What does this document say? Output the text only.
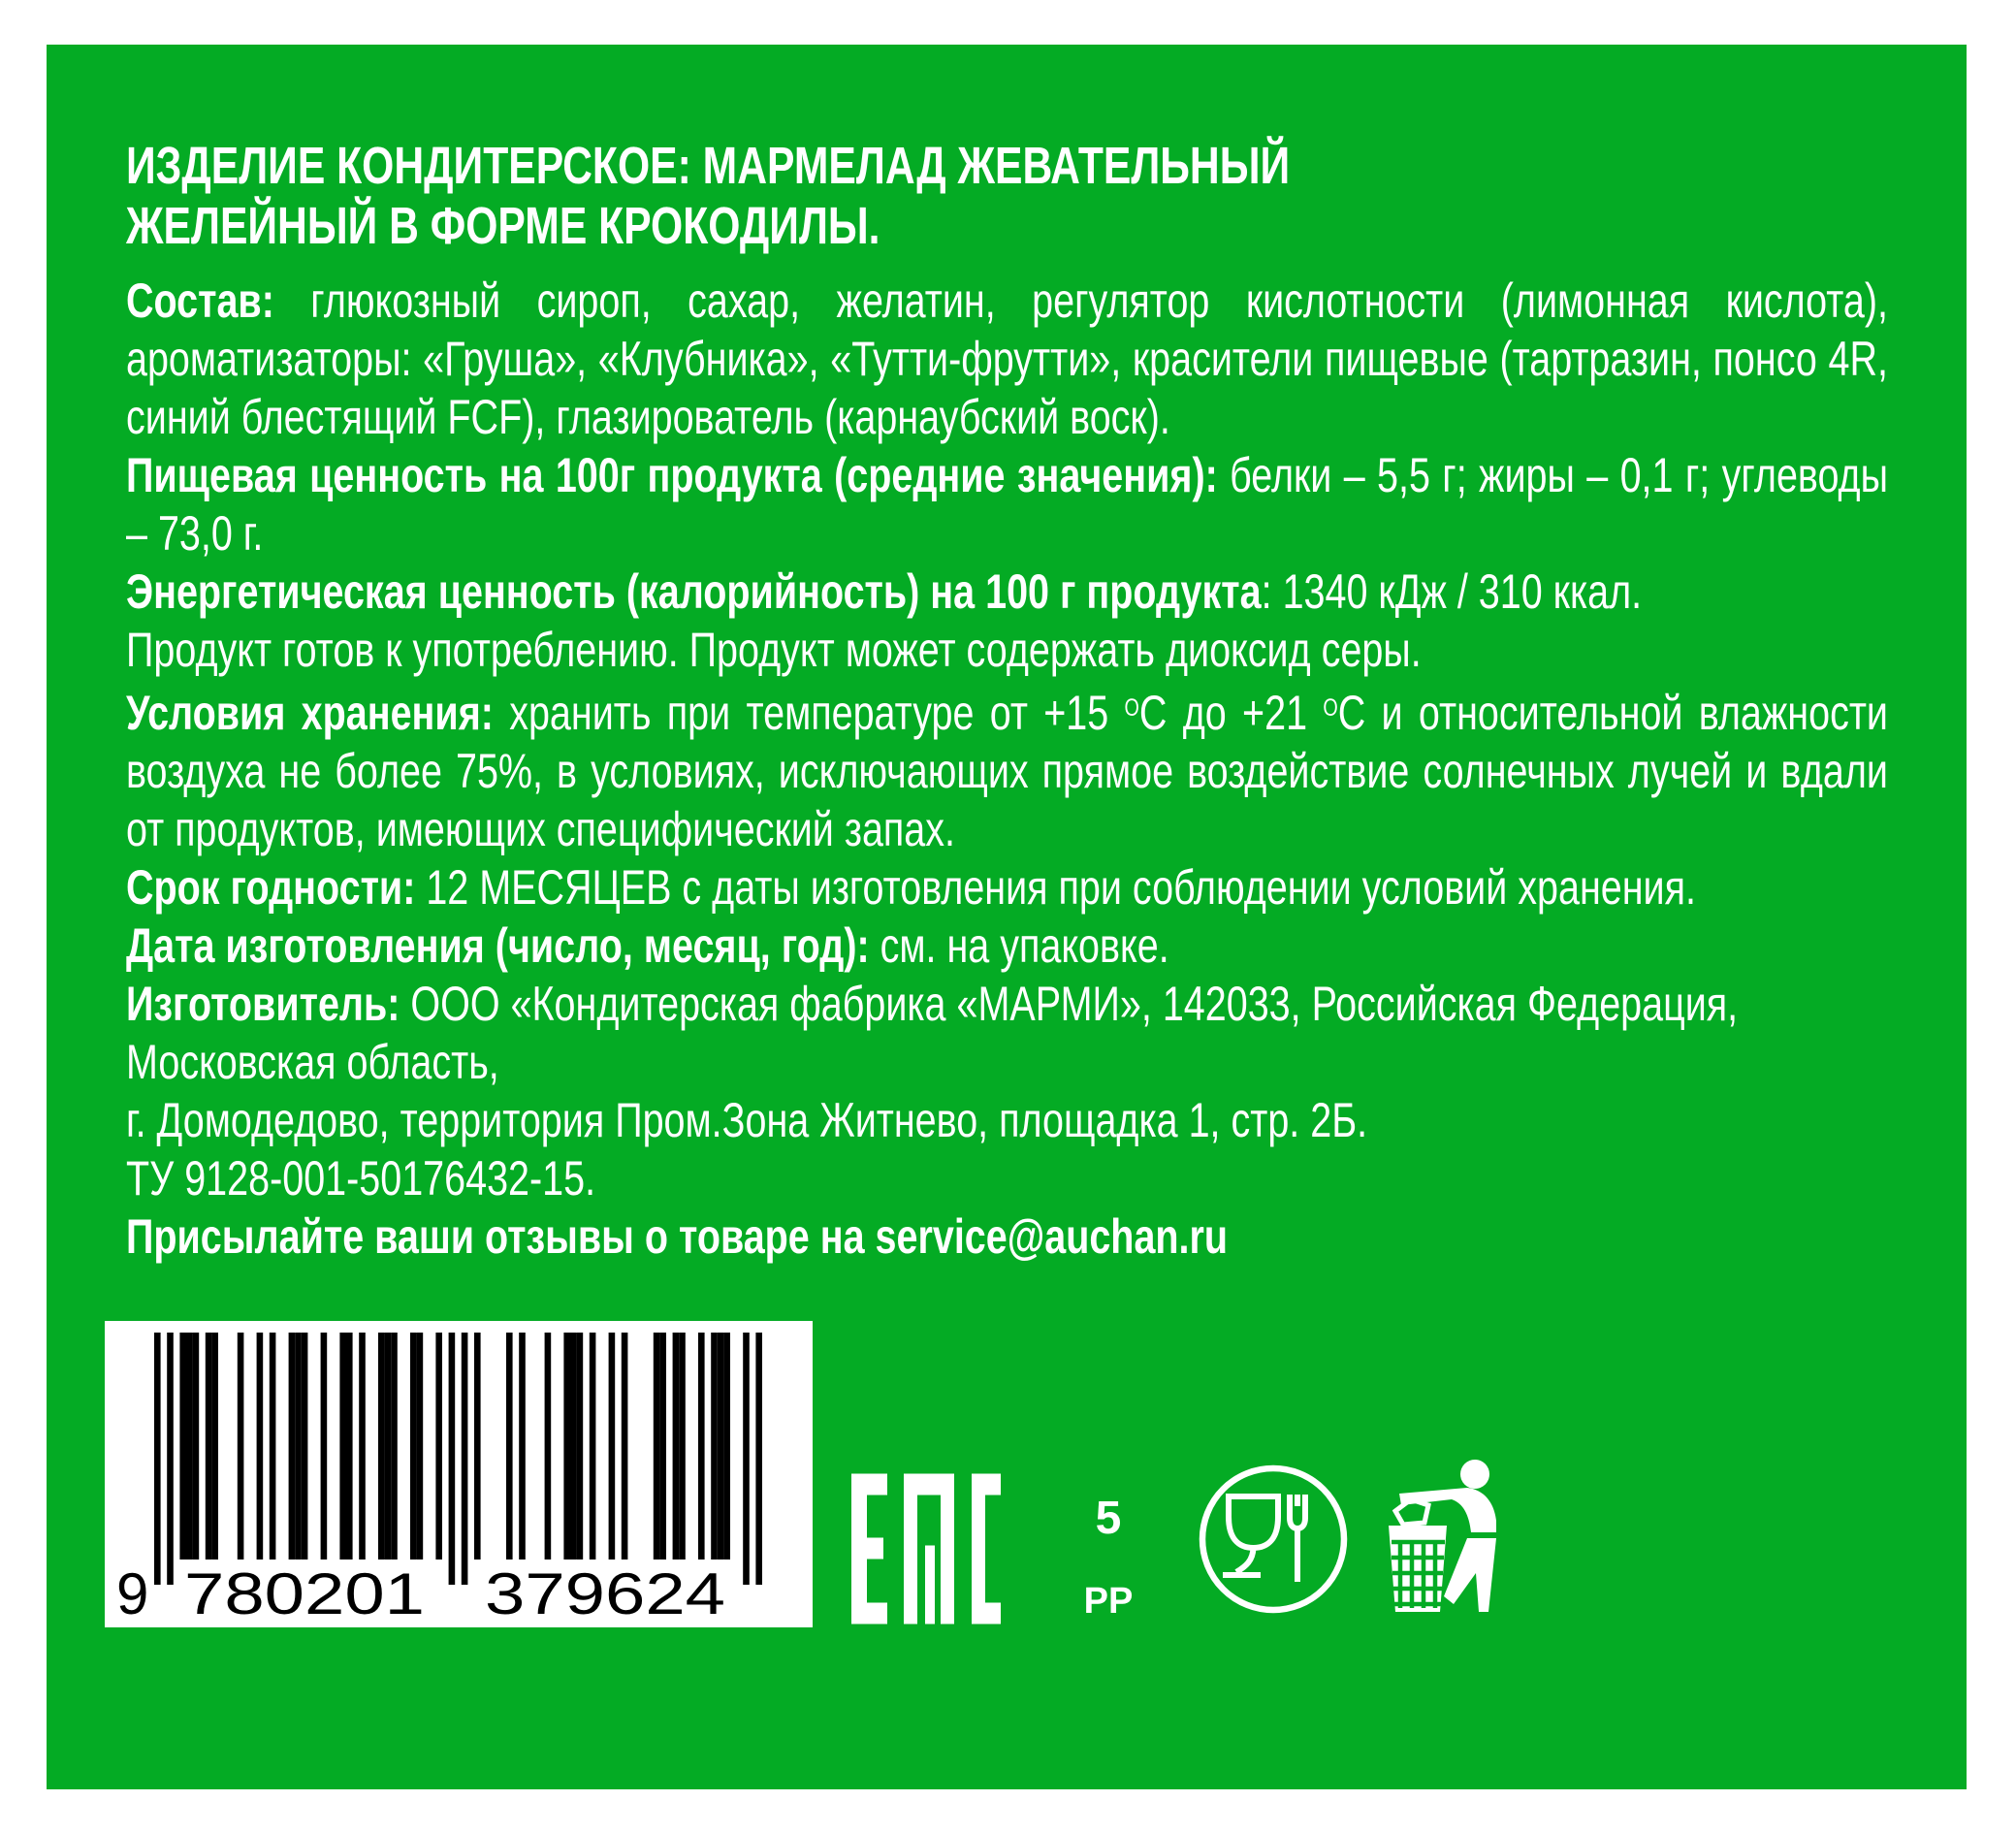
ИЗДЕЛИЕ КОНДИТЕРСКОЕ: МАРМЕЛАД ЖЕВАТЕЛЬНЫЙ
ЖЕЛЕЙНЫЙ В ФОРМЕ КРОКОДИЛЫ.

Состав: глюкозный сироп, сахар, желатин, регулятор кислотности (лимонная кислота), ароматизаторы: «Груша», «Клубника», «Тутти-фрутти», красители пищевые (тартразин, понсо 4R, синий блестящий FCF), глазирователь (карнаубский воск).

Пищевая ценность на 100г продукта (средние значения): белки – 5,5 г; жиры – 0,1 г; углеводы – 73,0 г.

Энергетическая ценность (калорийность) на 100 г продукта: 1340 кДж / 310 ккал.

Продукт готов к употреблению. Продукт может содержать диоксид серы.

Условия хранения: хранить при температуре от +15 $^О$С до +21 $^О$С и относительной влажности воздуха не более 75%, в условиях, исключающих прямое воздействие солнечных лучей и вдали от продуктов, имеющих специфический запах.

Срок годности: 12 МЕСЯЦЕВ с даты изготовления при соблюдении условий хранения.

Дата изготовления (число, месяц, год): см. на упаковке.

Изготовитель: ООО «Кондитерская фабрика «МАРМИ», 142033, Российская Федерация,

Московская область,

г. Домодедово, территория Пром.Зона Житнево, площадка 1, стр. 2Б.

ТУ 9128-001-50176432-15.

Присылайте ваши отзывы о товаре на service@auchan.ru

9 780201 379624
5
PP
